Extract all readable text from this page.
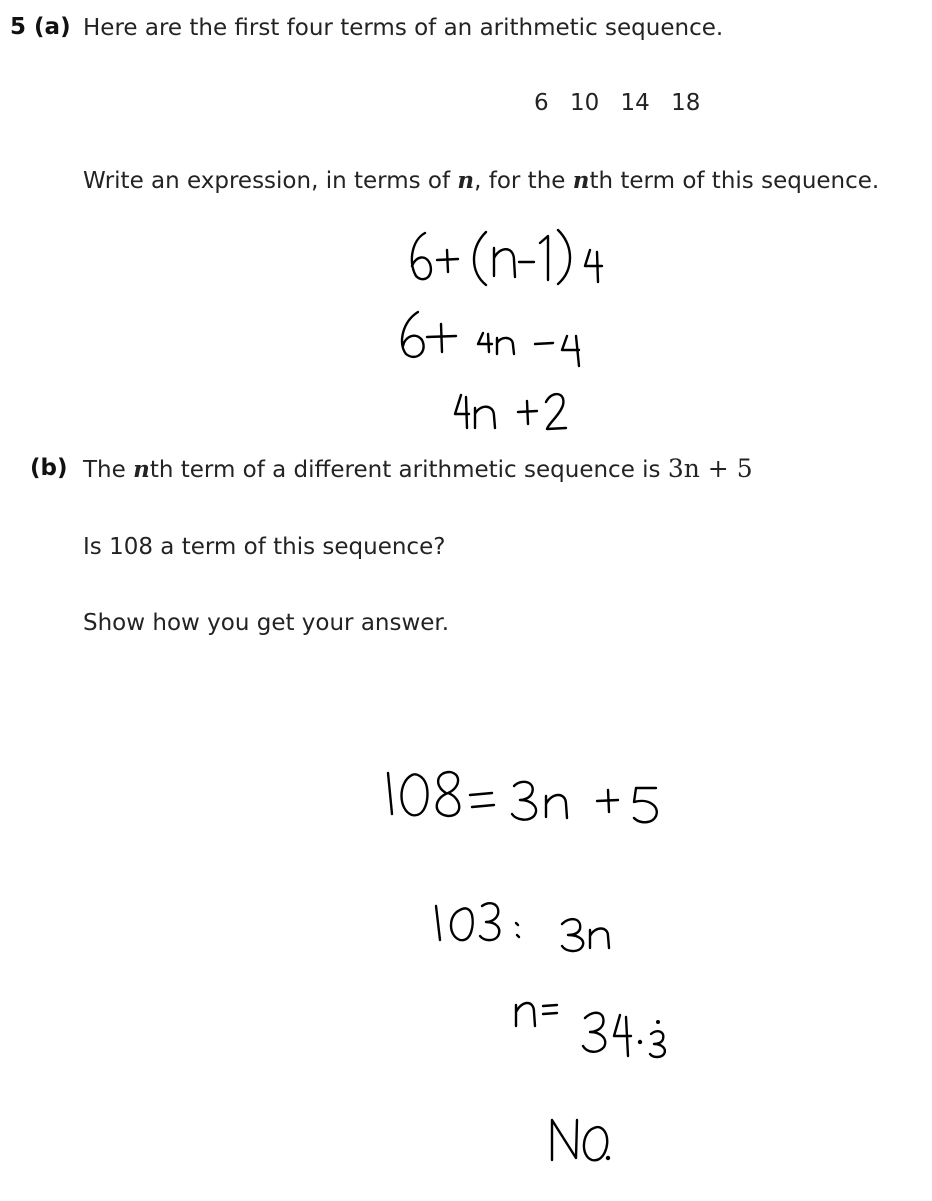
5 (a) Here are the first four terms of an arithmetic sequence.
6 10 14 18
Write an expression, in terms of n, for the nth term of this sequence.
(b) The nth term of a different arithmetic sequence is 3n + 5
Is 108 a term of this sequence?
Show how you get your answer.
